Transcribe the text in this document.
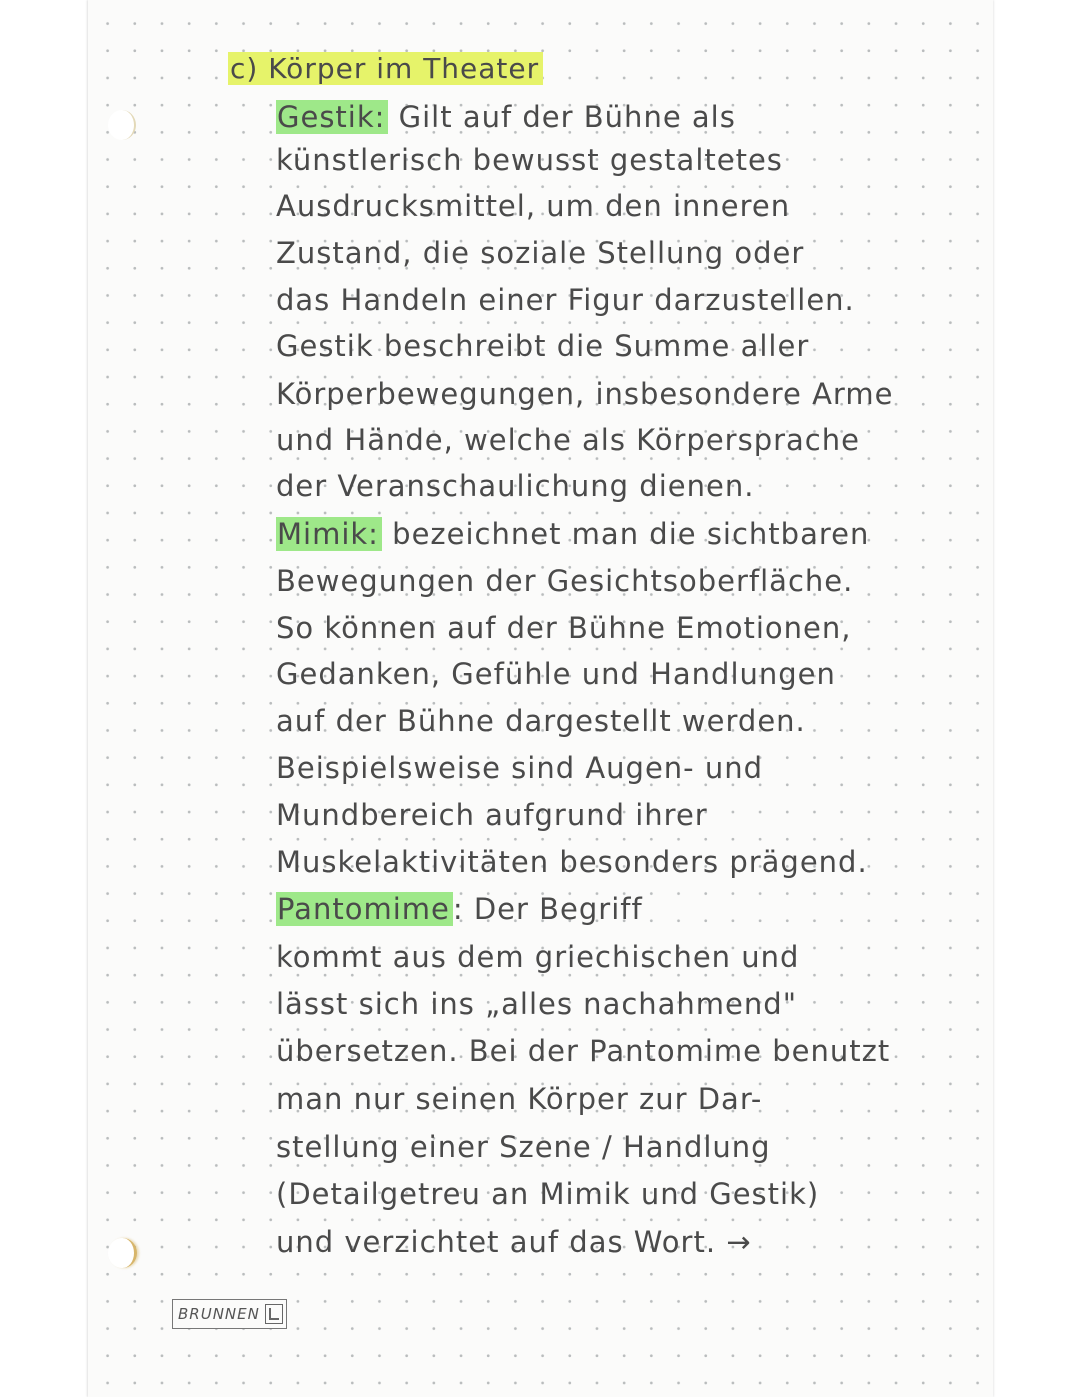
c) Körper im Theater
Gestik: Gilt auf der Bühne als
künstlerisch bewusst gestaltetes
Ausdrucksmittel, um den inneren
Zustand, die soziale Stellung oder
das Handeln einer Figur darzustellen.
Gestik beschreibt die Summe aller
Körperbewegungen, insbesondere Arme
und Hände, welche als Körpersprache
der Veranschaulichung dienen.
Mimik: bezeichnet man die sichtbaren
Bewegungen der Gesichtsoberfläche.
So können auf der Bühne Emotionen,
Gedanken, Gefühle und Handlungen
auf der Bühne dargestellt werden.
Beispielsweise sind Augen- und
Mundbereich aufgrund ihrer
Muskelaktivitäten besonders prägend.
Pantomime : Der Begriff
kommt aus dem griechischen und
lässt sich ins „alles nachahmend"
übersetzen. Bei der Pantomime benutzt
man nur seinen Körper zur Dar-
stellung einer Szene / Handlung
(Detailgetreu an Mimik und Gestik)
und verzichtet auf das Wort. →
BRUNNEN
